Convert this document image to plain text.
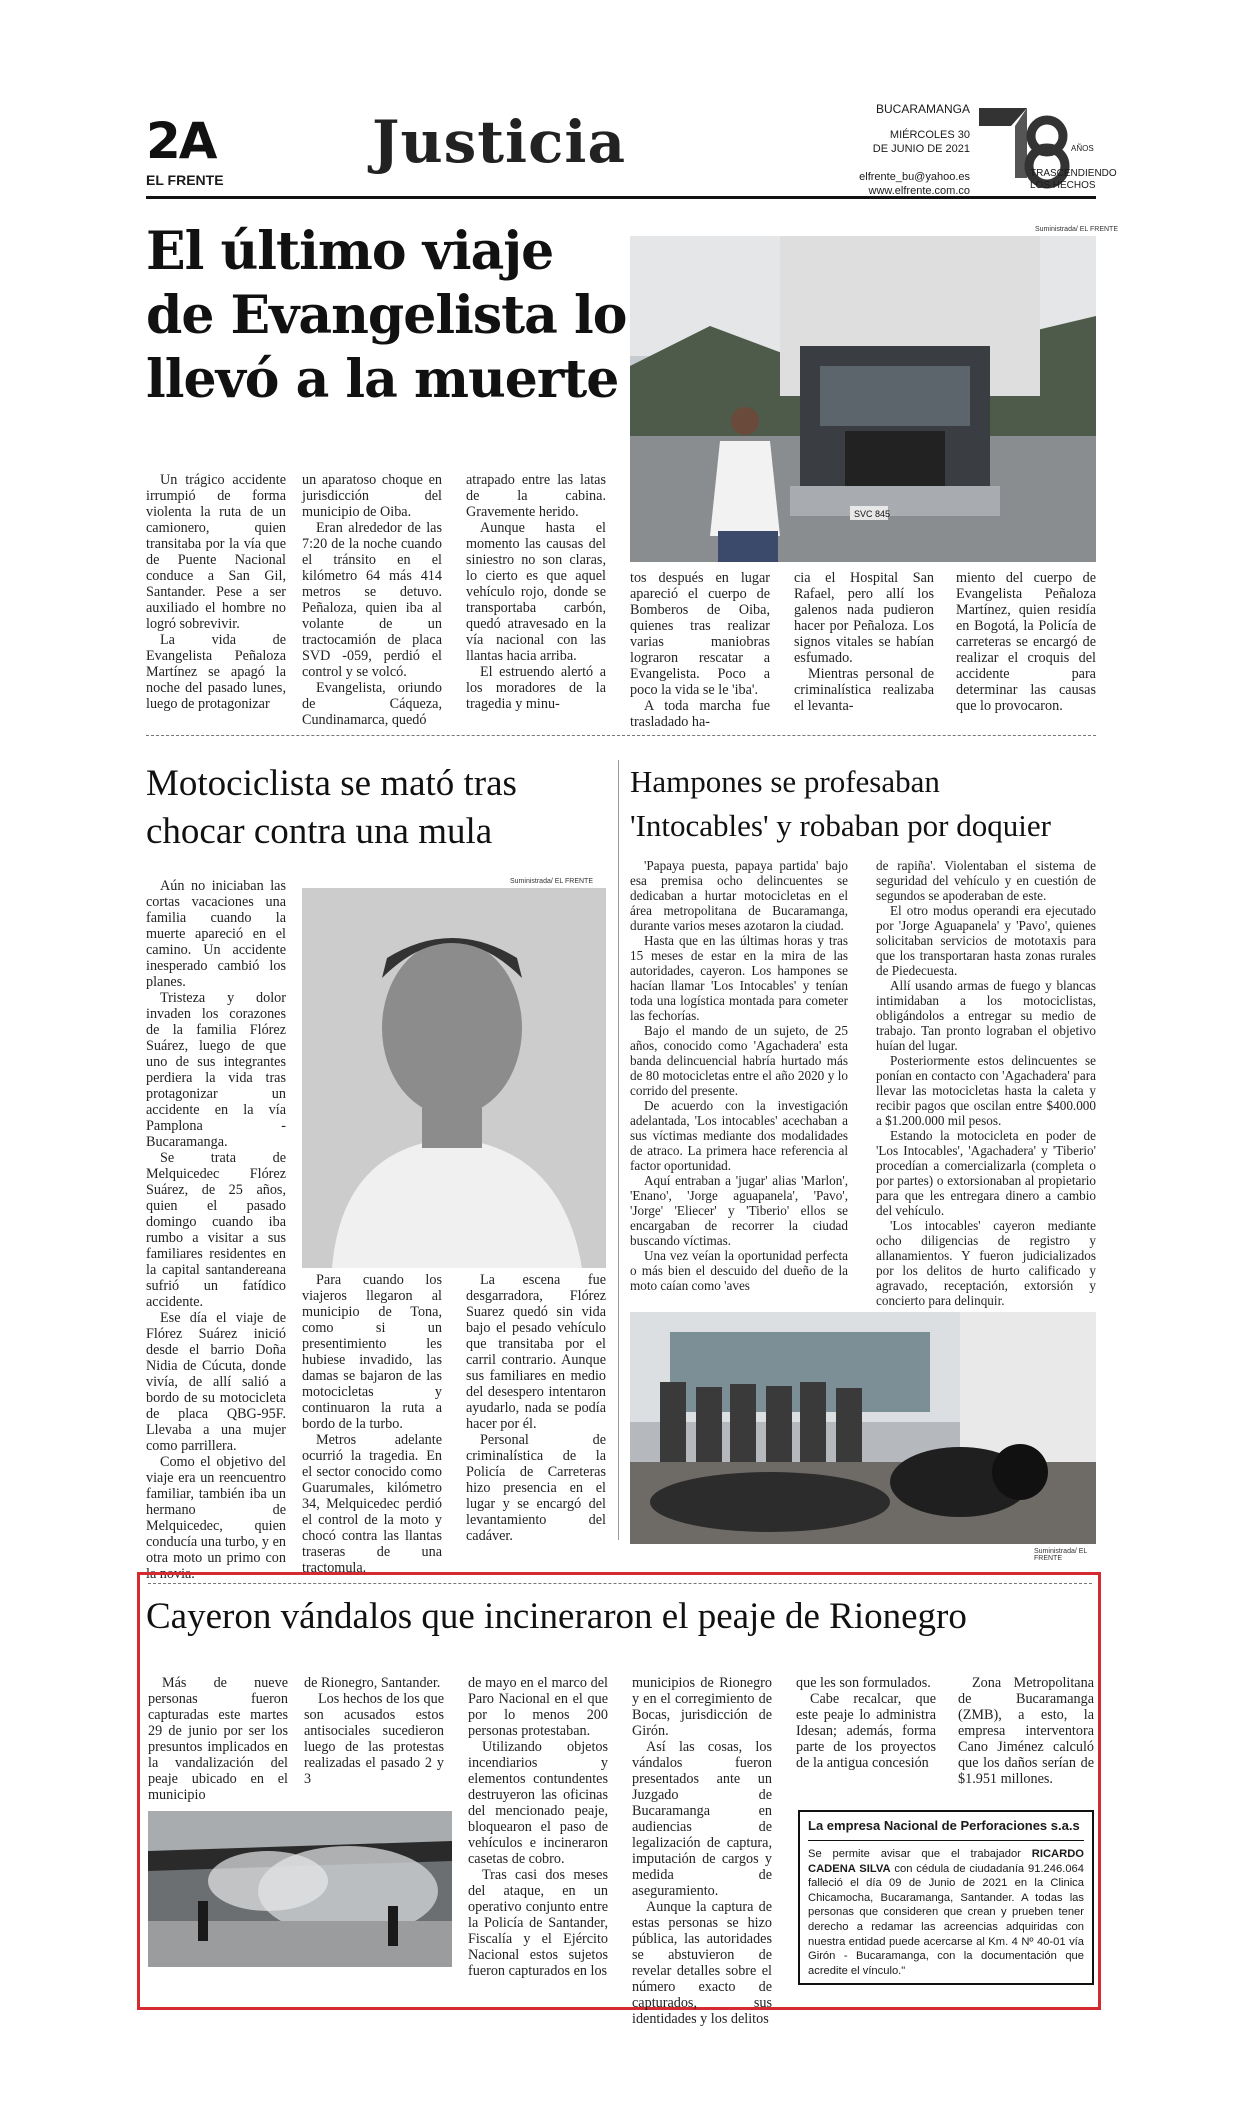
2A
EL FRENTE
Justicia	BUCARAMANGA
MIÉRCOLES 30
DE JUNIO DE 2021
elfrente_bu@yahoo.es
www.elfrente.com.co
AÑOS
TRASCENDIENDO
LOS HECHOS
El último viaje
de Evangelista lo
llevó a la muerte
Suministrada/ EL FRENTE
SVC 845

Un trágico accidente irrumpió de forma violenta la ruta de un camionero, quien transitaba por la vía que de Puente Nacional conduce a San Gil, Santander. Pese a ser auxiliado el hombre no logró sobrevivir.

La vida de Evangelista Peñaloza Martínez se apagó la noche del pasado lunes, luego de protagonizar

un aparatoso choque en jurisdicción del municipio de Oiba.

Eran alrededor de las 7:20 de la noche cuando el tránsito en el kilómetro 64 más 414 metros se detuvo. Peñaloza, quien iba al volante de un tractocamión de placa SVD -059, perdió el control y se volcó.

Evangelista, oriundo de Cáqueza, Cundinamarca, quedó

atrapado entre las latas de la cabina. Gravemente herido.

Aunque hasta el momento las causas del siniestro no son claras, lo cierto es que aquel vehículo rojo, donde se transportaba carbón, quedó atravesado en la vía nacional con las llantas hacia arriba.

El estruendo alertó a los moradores de la tragedia y minu-

tos después en lugar apareció el cuerpo de Bomberos de Oiba, quienes tras realizar varias maniobras lograron rescatar a Evangelista. Poco a poco la vida se le 'iba'.

A toda marcha fue trasladado ha-

cia el Hospital San Rafael, pero allí los galenos nada pudieron hacer por Peñaloza. Los signos vitales se habían esfumado.

Mientras personal de criminalística realizaba el levanta-

miento del cuerpo de Evangelista Peñaloza Martínez, quien residía en Bogotá, la Policía de carreteras se encargó de realizar el croquis del accidente para determinar las causas que lo provocaron.

Motociclista se mató tras
chocar contra una mula
Suministrada/ EL FRENTE

Aún no iniciaban las cortas vacaciones una familia cuando la muerte apareció en el camino. Un accidente inesperado cambió los planes.

Tristeza y dolor invaden los corazones de la familia Flórez Suárez, luego de que uno de sus integrantes perdiera la vida tras protagonizar un accidente en la vía Pamplona - Bucaramanga.

Se trata de Melquicedec Flórez Suárez, de 25 años, quien el pasado domingo cuando iba rumbo a visitar a sus familiares residentes en la capital santandereana sufrió un fatídico accidente.

Ese día el viaje de Flórez Suárez inició desde el barrio Doña Nidia de Cúcuta, donde vivía, de allí salió a bordo de su motocicleta de placa QBG-95F. Llevaba a una mujer como parrillera.

Como el objetivo del viaje era un reencuentro familiar, también iba un hermano de Melquicedec, quien conducía una turbo, y en otra moto un primo con la novia.

Para cuando los viajeros llegaron al municipio de Tona, como si un presentimiento les hubiese invadido, las damas se bajaron de las motocicletas y continuaron la ruta a bordo de la turbo.

Metros adelante ocurrió la tragedia. En el sector conocido como Guarumales, kilómetro 34, Melquicedec perdió el control de la moto y chocó contra las llantas traseras de una tractomula.

La escena fue desgarradora, Flórez Suarez quedó sin vida bajo el pesado vehículo que transitaba por el carril contrario. Aunque sus familiares en medio del desespero intentaron ayudarlo, nada se podía hacer por él.

Personal de criminalística de la Policía de Carreteras hizo presencia en el lugar y se encargó del levantamiento del cadáver.

Hampones se profesaban
'Intocables' y robaban por doquier

'Papaya puesta, papaya partida' bajo esa premisa ocho delincuentes se dedicaban a hurtar motocicletas en el área metropolitana de Bucaramanga, durante varios meses azotaron la ciudad.

Hasta que en las últimas horas y tras 15 meses de estar en la mira de las autoridades, cayeron. Los hampones se hacían llamar 'Los Intocables' y tenían toda una logística montada para cometer las fechorías.

Bajo el mando de un sujeto, de 25 años, conocido como 'Agachadera' esta banda delincuencial habría hurtado más de 80 motocicletas entre el año 2020 y lo corrido del presente.

De acuerdo con la investigación adelantada, 'Los intocables' acechaban a sus víctimas mediante dos modalidades de atraco. La primera hace referencia al factor oportunidad.

Aquí entraban a 'jugar' alias 'Marlon', 'Enano', 'Jorge aguapanela', 'Pavo', 'Jorge' 'Eliecer' y 'Tiberio' ellos se encargaban de recorrer la ciudad buscando víctimas.

Una vez veían la oportunidad perfecta o más bien el descuido del dueño de la moto caían como 'aves

de rapiña'. Violentaban el sistema de seguridad del vehículo y en cuestión de segundos se apoderaban de este.

El otro modus operandi era ejecutado por 'Jorge Aguapanela' y 'Pavo', quienes solicitaban servicios de mototaxis para que los transportaran hasta zonas rurales de Piedecuesta.

Allí usando armas de fuego y blancas intimidaban a los motociclistas, obligándolos a entregar su medio de trabajo. Tan pronto lograban el objetivo huían del lugar.

Posteriormente estos delincuentes se ponían en contacto con 'Agachadera' para llevar las motocicletas hasta la caleta y recibir pagos que oscilan entre $400.000 a $1.200.000 mil pesos.

Estando la motocicleta en poder de 'Los Intocables', 'Agachadera' y 'Tiberio' procedían a comercializarla (completa o por partes) o extorsionaban al propietario para que les entregara dinero a cambio del vehículo.

'Los intocables' cayeron mediante ocho diligencias de registro y allanamientos. Y fueron judicializados por los delitos de hurto calificado y agravado, receptación, extorsión y concierto para delinquir.

Suministrada/ EL FRENTE
Cayeron vándalos que incineraron el peaje de Rionegro

Más de nueve personas fueron capturadas este martes 29 de junio por ser los presuntos implicados en la vandalización del peaje ubicado en el municipio

de Rionegro, Santander.

Los hechos de los que son acusados estos antisociales sucedieron luego de las protestas realizadas el pasado 2 y 3

de mayo en el marco del Paro Nacional en el que por lo menos 200 personas protestaban.

Utilizando objetos incendiarios y elementos contundentes destruyeron las oficinas del mencionado peaje, bloquearon el paso de vehículos e incineraron casetas de cobro.

Tras casi dos meses del ataque, en un operativo conjunto entre la Policía de Santander, Fiscalía y el Ejército Nacional estos sujetos fueron capturados en los

municipios de Rionegro y en el corregimiento de Bocas, jurisdicción de Girón.

Así las cosas, los vándalos fueron presentados ante un Juzgado de Bucaramanga en audiencias de legalización de captura, imputación de cargos y medida de aseguramiento.

Aunque la captura de estas personas se hizo pública, las autoridades se abstuvieron de revelar detalles sobre el número exacto de capturados, sus identidades y los delitos

que les son formulados.

Cabe recalcar, que este peaje lo administra Idesan; además, forma parte de los proyectos de la antigua concesión

Zona Metropolitana de Bucaramanga (ZMB), a esto, la empresa interventora Cano Jiménez calculó que los daños serían de $1.951 millones.

La empresa Nacional de Perforaciones s.a.s
Se permite avisar que el trabajador RICARDO CADENA SILVA con cédula de ciudadanía 91.246.064 falleció el día 09 de Junio de 2021 en la Clinica Chicamocha, Bucaramanga, Santander. A todas las personas que consideren que crean y prueben tener derecho a redamar las acreencias adquiridas con nuestra entidad puede acercarse al Km. 4 Nº 40-01 vía Girón - Bucaramanga, con la documentación que acredite el vínculo."
